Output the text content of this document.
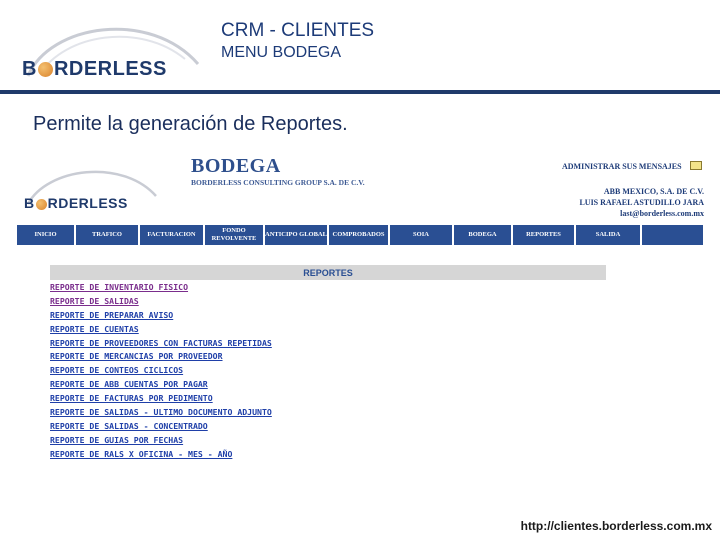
B RDERLESS
CRM - CLIENTES
MENU BODEGA
Permite la generación de Reportes.
B RDERLESS
BODEGA
BORDERLESS CONSULTING GROUP S.A. DE C.V.
ADMINISTRAR SUS MENSAJES
ABB MEXICO, S.A. DE C.V.
LUIS RAFAEL ASTUDILLO JARA
last@borderless.com.mx
INICIO	TRAFICO	FACTURACION
FONDO REVOLVENTE
ANTICIPO GLOBAL COMPROBADOS	SOIA	BODEGA	REPORTES	SALIDA
REPORTES
REPORTE DE INVENTARIO FISICO
REPORTE DE SALIDAS
REPORTE DE PREPARAR AVISO
REPORTE DE CUENTAS
REPORTE DE PROVEEDORES CON FACTURAS REPETIDAS
REPORTE DE MERCANCIAS POR PROVEEDOR
REPORTE DE CONTEOS CICLICOS
REPORTE DE ABB CUENTAS POR PAGAR
REPORTE DE FACTURAS POR PEDIMENTO
REPORTE DE SALIDAS - ULTIMO DOCUMENTO ADJUNTO
REPORTE DE SALIDAS - CONCENTRADO
REPORTE DE GUIAS POR FECHAS
REPORTE DE RALS X OFICINA - MES - AÑO
http://clientes.borderless.com.mx
